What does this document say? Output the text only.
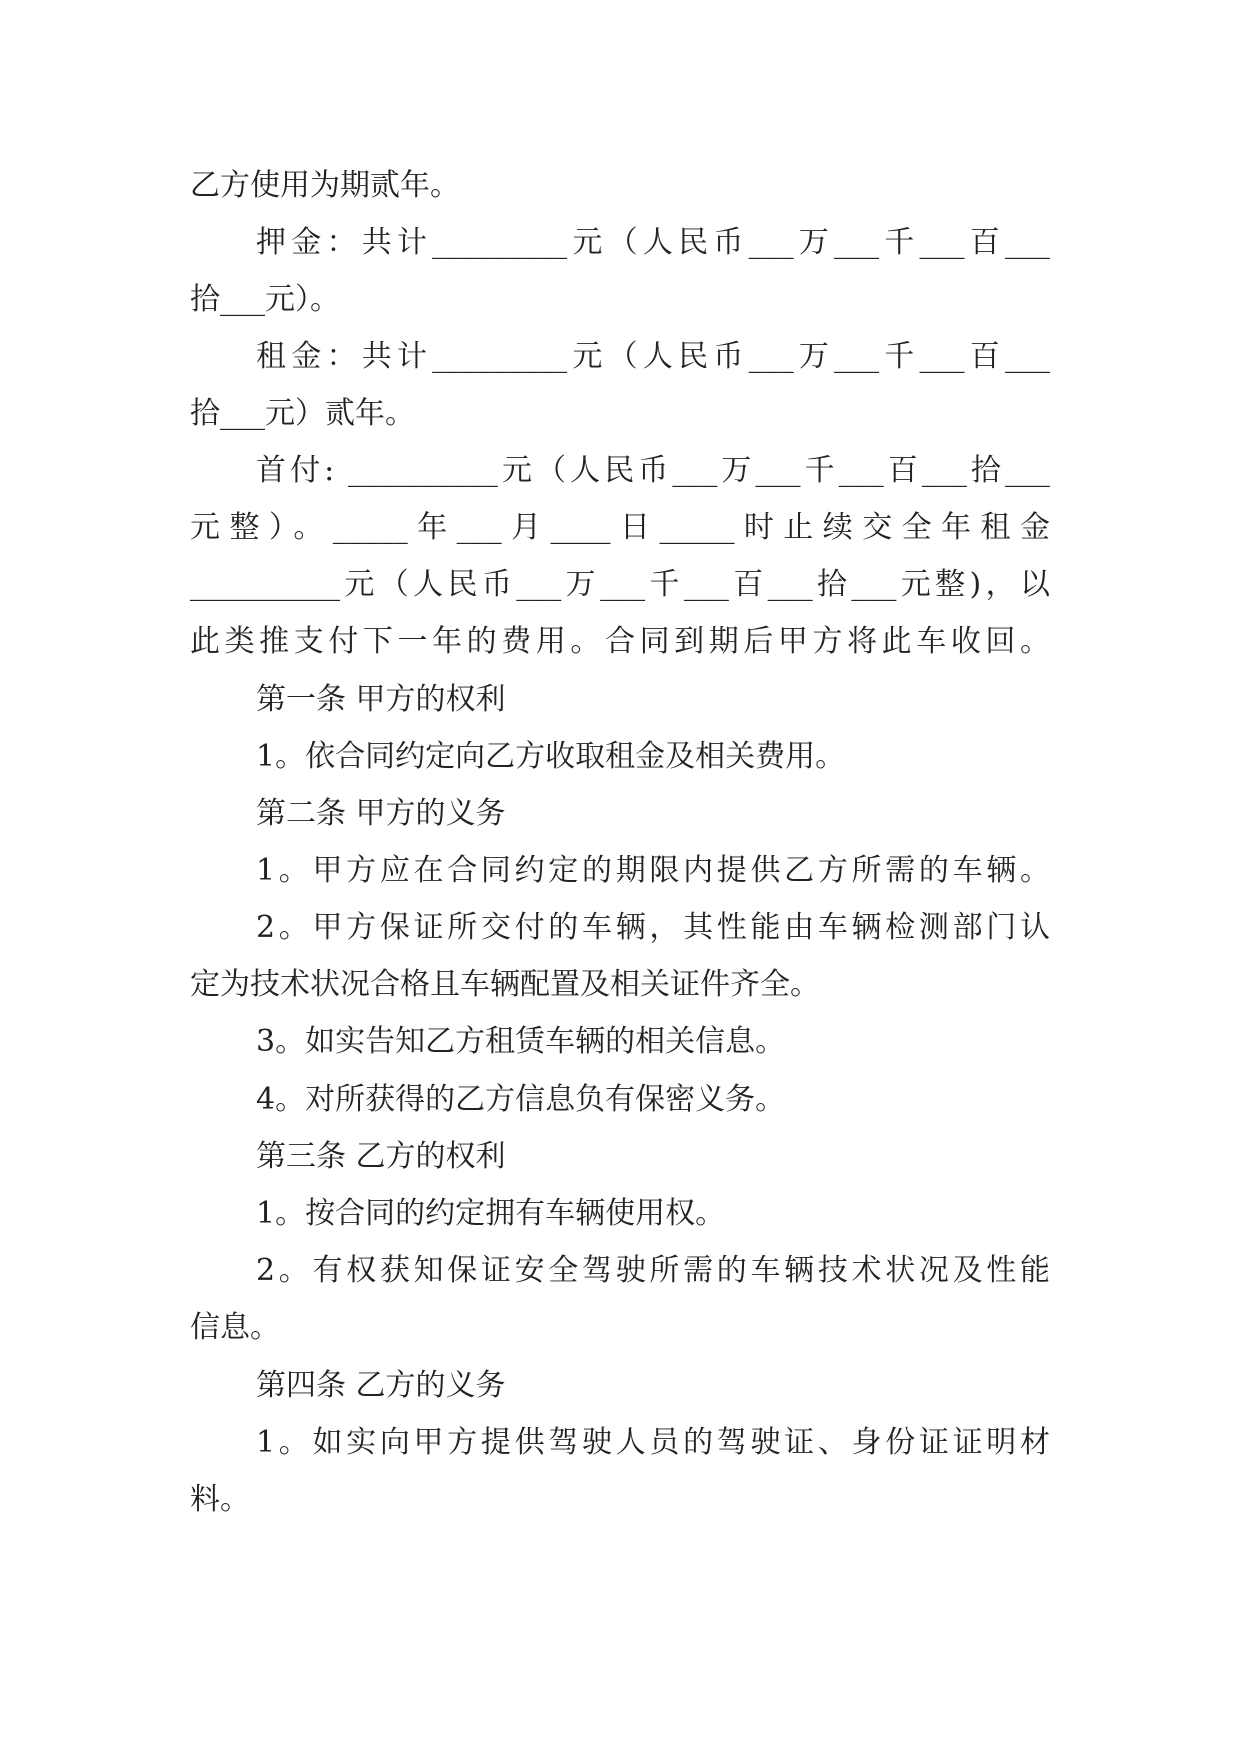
乙方使用为期贰年。
押金：共计_________元（人民币___万___千___百___
拾___元）。
租金：共计_________元（人民币___万___千___百___
拾___元）贰年。
首付: __________元（人民币___万___千___百___拾___
元整）。_____年___月____日_____时止续交全年租金
__________元（人民币___万___千___百___拾___元整)，以
此类推支付下一年的费用。合同到期后甲方将此车收回。
第一条 甲方的权利
1。依合同约定向乙方收取租金及相关费用。
第二条 甲方的义务
1。甲方应在合同约定的期限内提供乙方所需的车辆。
2。甲方保证所交付的车辆，其性能由车辆检测部门认
定为技术状况合格且车辆配置及相关证件齐全。
3。如实告知乙方租赁车辆的相关信息。
4。对所获得的乙方信息负有保密义务。
第三条 乙方的权利
1。按合同的约定拥有车辆使用权。
2。有权获知保证安全驾驶所需的车辆技术状况及性能
信息。
第四条 乙方的义务
1。如实向甲方提供驾驶人员的驾驶证、身份证证明材
料。
